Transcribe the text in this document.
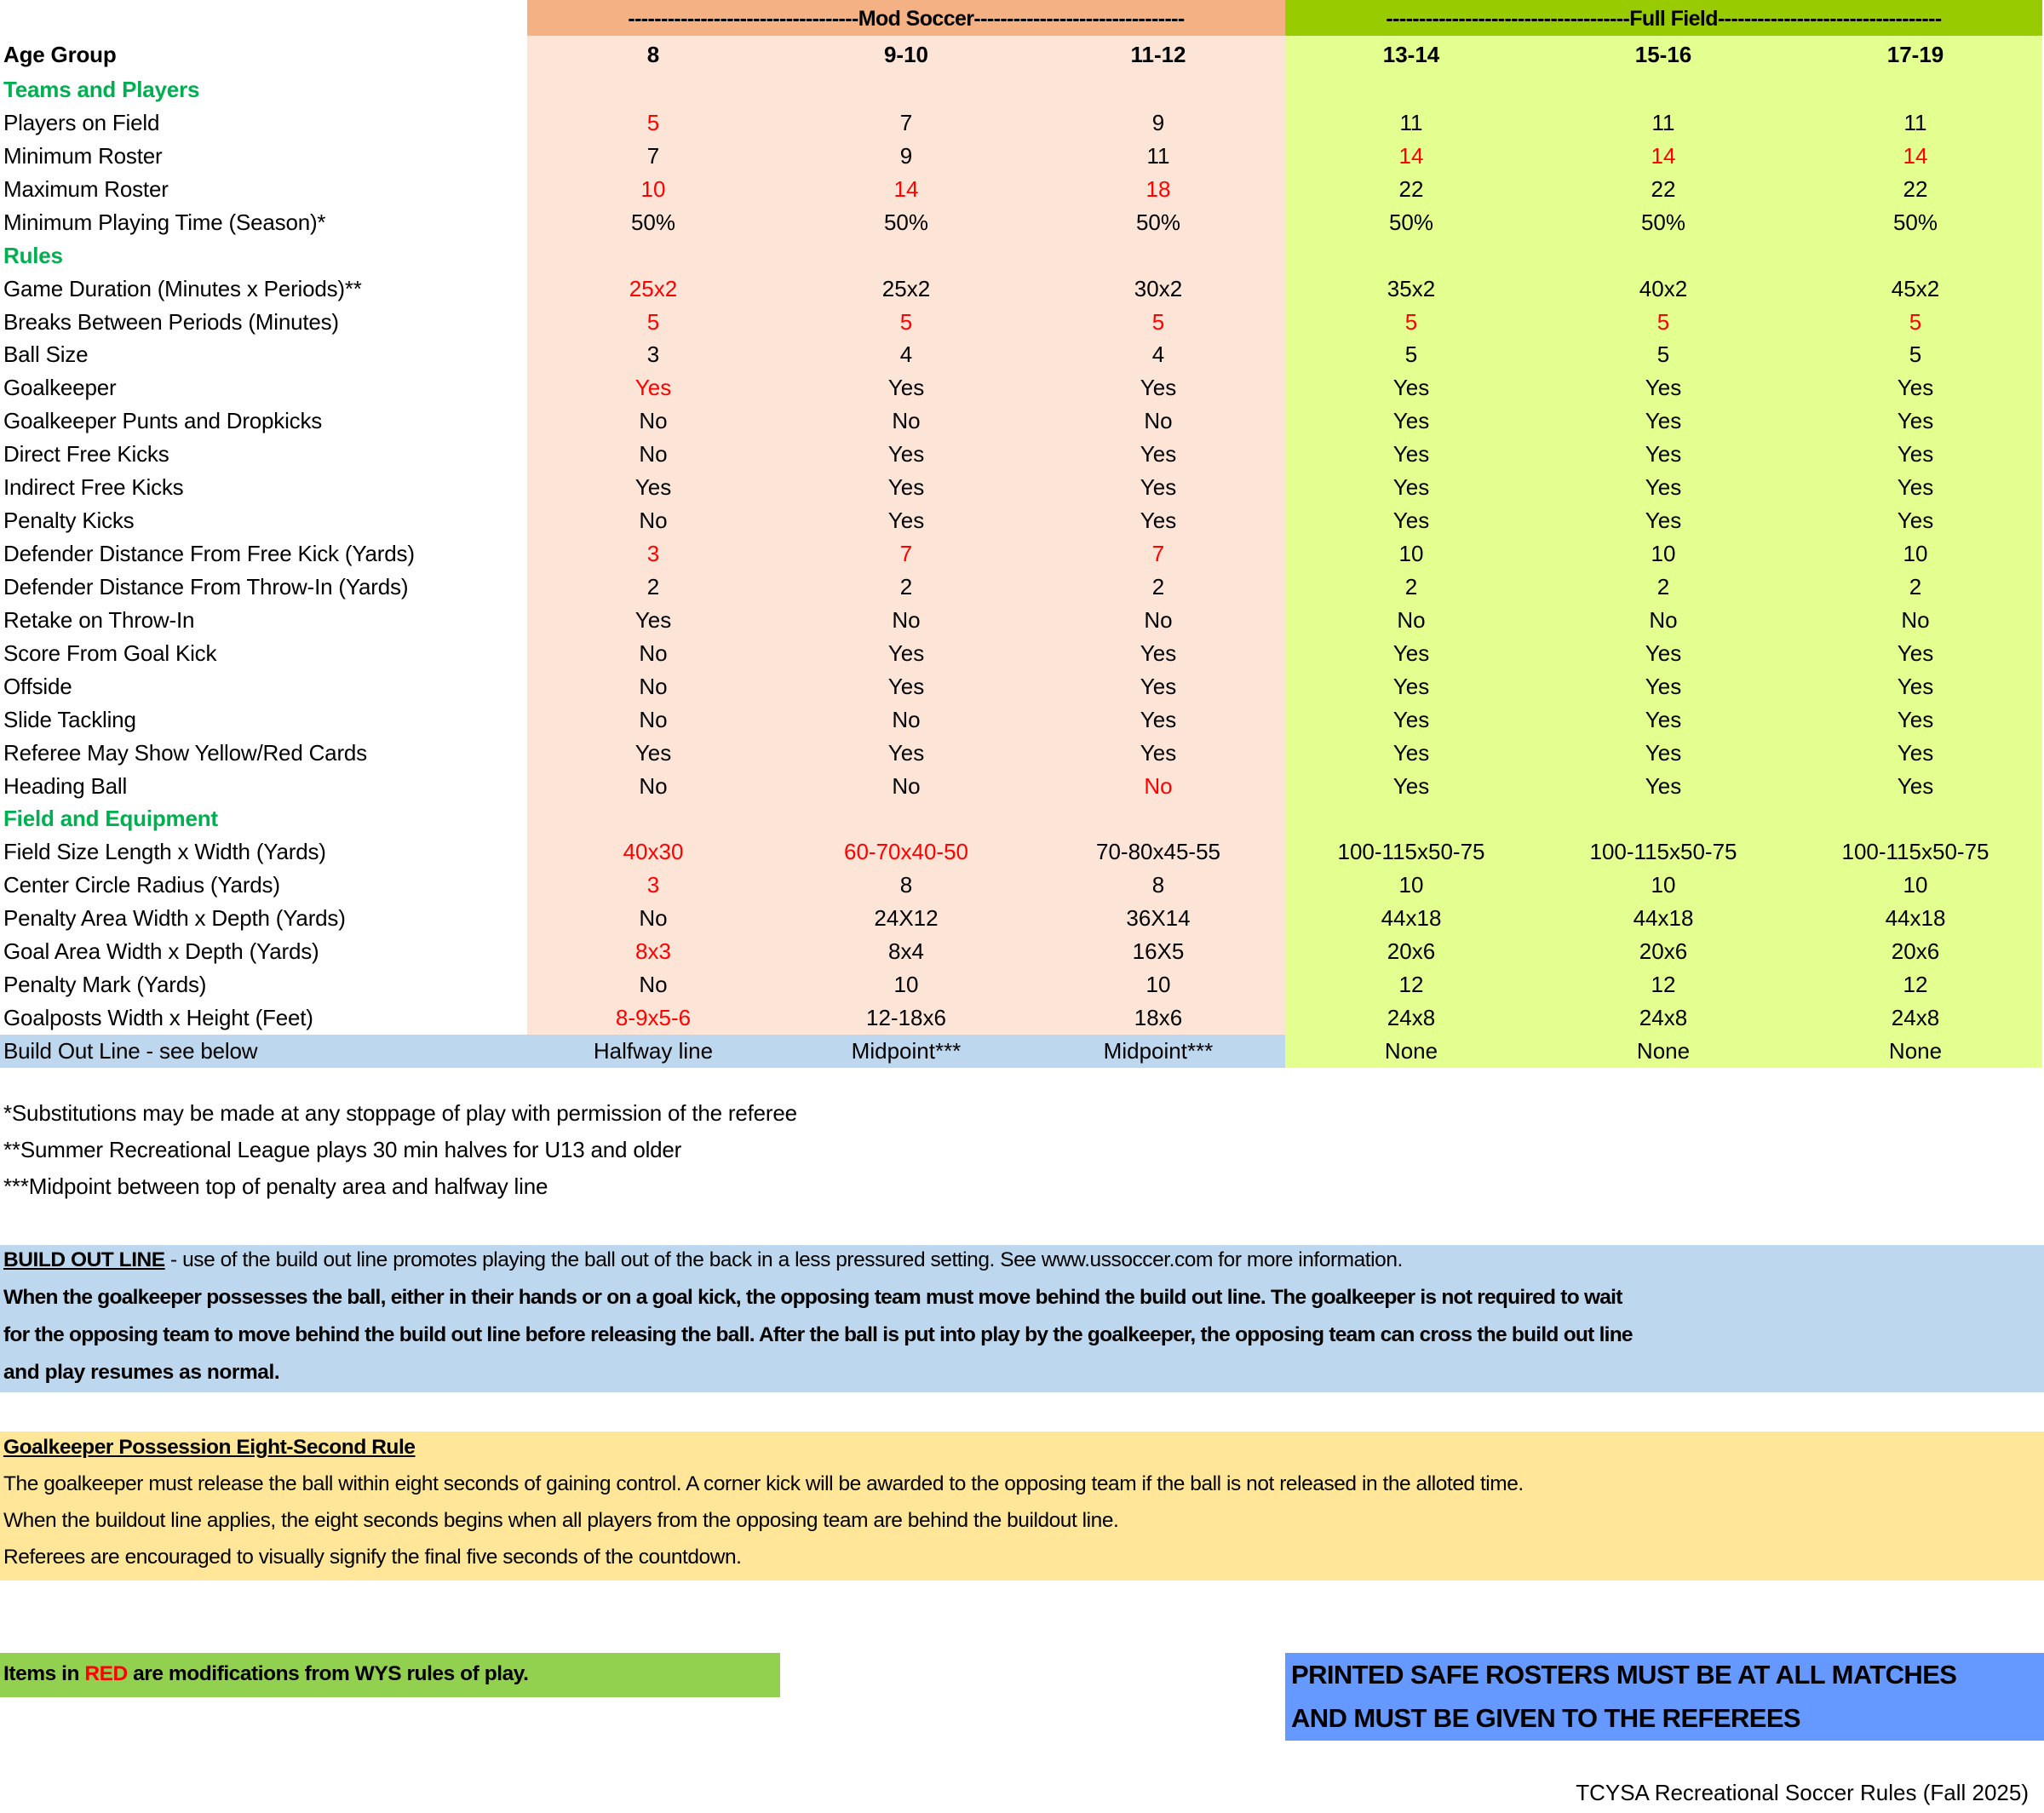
-----------------------------------Mod Soccer--------------------------------	-------------------------------------Full Field----------------------------------
Age Group	8	9-10	11-12	13-14	15-16	17-19
Teams and Players
Players on Field	5	7	9	11	11	11
Minimum Roster	7	9	11	14	14	14
Maximum Roster	10	14	18	22	22	22
Minimum Playing Time (Season)*	50%	50%	50%	50%	50%	50%
Rules
Game Duration (Minutes x Periods)**	25x2	25x2	30x2	35x2	40x2	45x2
Breaks Between Periods (Minutes)	5	5	5	5	5	5
Ball Size	3	4	4	5	5	5
Goalkeeper	Yes	Yes	Yes	Yes	Yes	Yes
Goalkeeper Punts and Dropkicks	No	No	No	Yes	Yes	Yes
Direct Free Kicks	No	Yes	Yes	Yes	Yes	Yes
Indirect Free Kicks	Yes	Yes	Yes	Yes	Yes	Yes
Penalty Kicks	No	Yes	Yes	Yes	Yes	Yes
Defender Distance From Free Kick (Yards)	3	7	7	10	10	10
Defender Distance From Throw-In (Yards)	2	2	2	2	2	2
Retake on Throw-In	Yes	No	No	No	No	No
Score From Goal Kick	No	Yes	Yes	Yes	Yes	Yes
Offside	No	Yes	Yes	Yes	Yes	Yes
Slide Tackling	No	No	Yes	Yes	Yes	Yes
Referee May Show Yellow/Red Cards	Yes	Yes	Yes	Yes	Yes	Yes
Heading Ball	No	No	No	Yes	Yes	Yes
Field and Equipment
Field Size Length x Width (Yards)	40x30	60-70x40-50	70-80x45-55	100-115x50-75	100-115x50-75	100-115x50-75
Center Circle Radius (Yards)	3	8	8	10	10	10
Penalty Area Width x Depth (Yards)	No	24X12	36X14	44x18	44x18	44x18
Goal Area Width x Depth (Yards)	8x3	8x4	16X5	20x6	20x6	20x6
Penalty Mark (Yards)	No	10	10	12	12	12
Goalposts Width x Height (Feet)	8-9x5-6	12-18x6	18x6	24x8	24x8	24x8
Build Out Line - see below	Halfway line	Midpoint***	Midpoint***	None	None	None
*Substitutions may be made at any stoppage of play with permission of the referee
**Summer Recreational League plays 30 min halves for U13 and older
***Midpoint between top of penalty area and halfway line
BUILD OUT LINE - use of the build out line promotes playing the ball out of the back in a less pressured setting. See www.ussoccer.com for more information.
When the goalkeeper possesses the ball, either in their hands or on a goal kick, the opposing team must move behind the build out line. The goalkeeper is not required to wait
for the opposing team to move behind the build out line before releasing the ball. After the ball is put into play by the goalkeeper, the opposing team can cross the build out line
and play resumes as normal.
Goalkeeper Possession Eight-Second Rule
The goalkeeper must release the ball within eight seconds of gaining control. A corner kick will be awarded to the opposing team if the ball is not released in the alloted time.
When the buildout line applies, the eight seconds begins when all players from the opposing team are behind the buildout line.
Referees are encouraged to visually signify the final five seconds of the countdown.
Items in RED are modifications from WYS rules of play.	PRINTED SAFE ROSTERS MUST BE AT ALL MATCHES
AND MUST BE GIVEN TO THE REFEREES
TCYSA Recreational Soccer Rules (Fall 2025)
